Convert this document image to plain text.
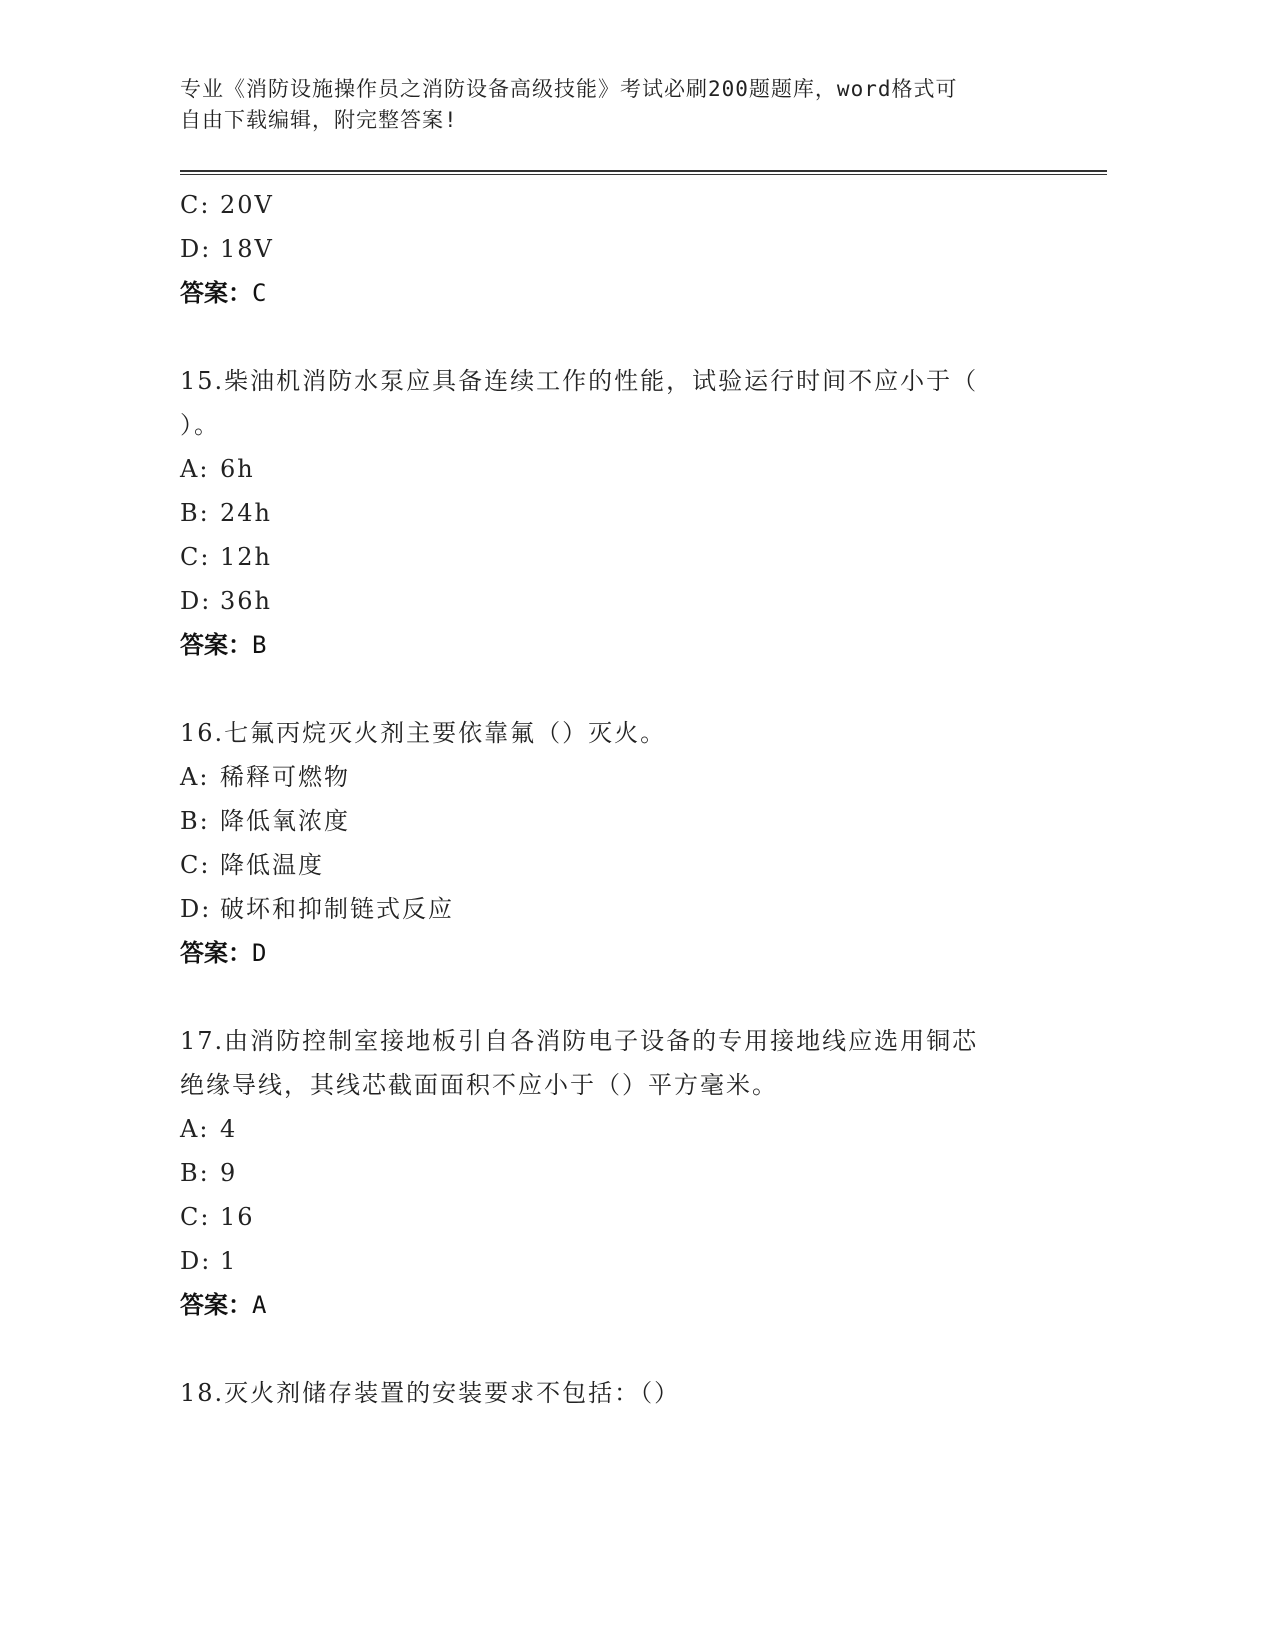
专业《消防设施操作员之消防设备高级技能》考试必刷200题题库，word格式可
自由下载编辑，附完整答案!
C: 20V
D: 18V
答案：C
15.柴油机消防水泵应具备连续工作的性能，试验运行时间不应小于（
）。
A: 6h
B: 24h
C: 12h
D: 36h
答案：B
16.七氟丙烷灭火剂主要依靠氟（）灭火。
A: 稀释可燃物
B: 降低氧浓度
C: 降低温度
D: 破坏和抑制链式反应
答案：D
17.由消防控制室接地板引自各消防电子设备的专用接地线应选用铜芯
绝缘导线，其线芯截面面积不应小于（）平方毫米。
A: 4
B: 9
C: 16
D: 1
答案：A
18.灭火剂储存装置的安装要求不包括：（）
